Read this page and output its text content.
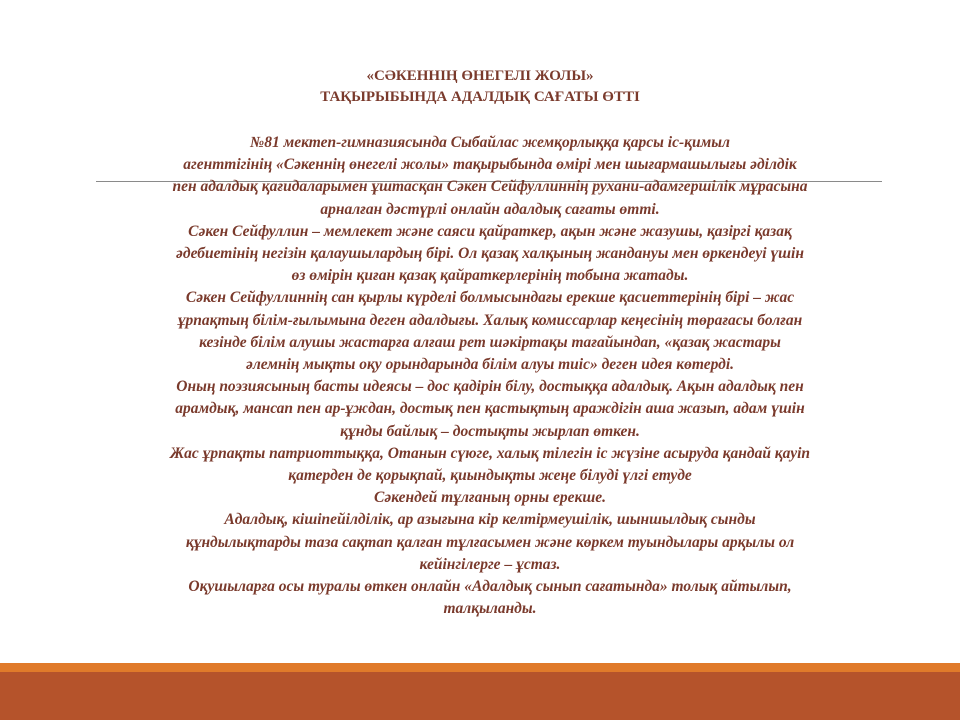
«СӘКЕННІҢ ӨНЕГЕЛІ ЖОЛЫ»
ТАҚЫРЫБЫНДА АДАЛДЫҚ САҒАТЫ ӨТТІ
№81 мектеп-гимназиясында Сыбайлас жемқорлыққа қарсы іс-қимыл
агенттігінің «Сәкеннің өнегелі жолы» тақырыбында өмірі мен шығармашылығы әділдік
пен адалдық қағидаларымен ұштасқан Сәкен Сейфуллиннің рухани-адамгершілік мұрасына
арналған дәстүрлі онлайн адалдық сағаты өтті.
Сәкен Сейфуллин – мемлекет және саяси қайраткер, ақын және жазушы, қазіргі қазақ
әдебиетінің негізін қалаушылардың бірі. Ол қазақ халқының жандануы мен өркендеуі үшін
өз өмірін қиған қазақ қайраткерлерінің тобына жатады.
Сәкен Сейфуллиннің сан қырлы күрделі болмысындағы ерекше қасиеттерінің бірі – жас
ұрпақтың білім-ғылымына деген адалдығы. Халық комиссарлар кеңесінің төрағасы болған
кезінде білім алушы жастарға алғаш рет шәкіртақы тағайындап, «қазақ жастары
әлемнің мықты оқу орындарында білім алуы тиіс» деген идея көтерді.
Оның поэзиясының басты идеясы – дос қадірін білу, достыққа адалдық. Ақын адалдық пен
арамдық, мансап пен ар-ұждан, достық пен қастықтың араждігін аша жазып, адам үшін
құнды байлық – достықты жырлап өткен.
Жас ұрпақты патриоттыққа, Отанын сүюге, халық тілегін іс жүзіне асыруда қандай қауіп
қатерден де қорықпай, қиындықты жеңе білуді үлгі етуде
Сәкендей тұлғаның орны ерекше.
Адалдық, кішіпейілділік, ар азығына кір келтірмеушілік, шыншылдық сынды
құндылықтарды таза сақтап қалған тұлғасымен және көркем туындылары арқылы ол
кейінгілерге – ұстаз.
Оқушыларға осы туралы өткен онлайн «Адалдық сынып сағатында» толық айтылып,
талқыланды.
